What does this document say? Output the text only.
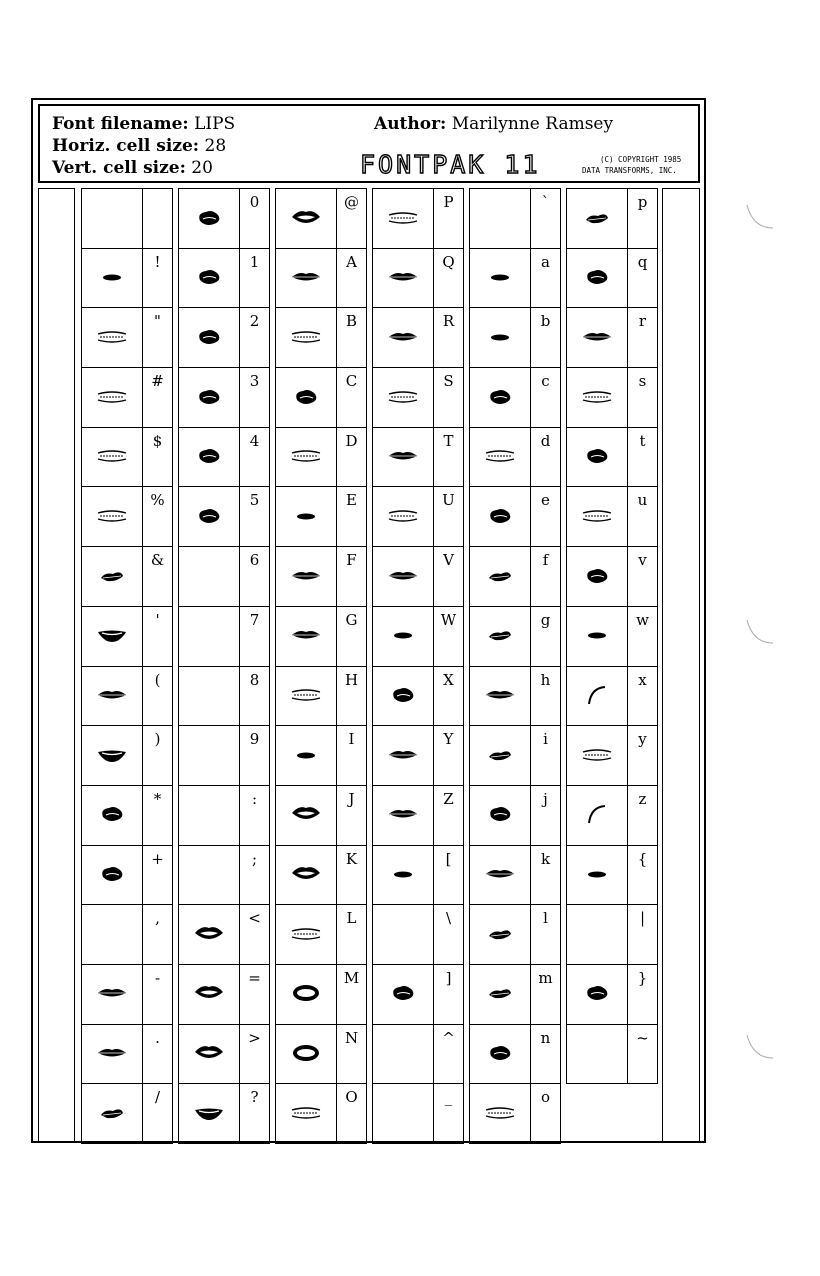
Font filename: LIPS	Author: Marilynne Ramsey
Horiz. cell size: 28
Vert. cell size: 20	FONTPAK 11	(C) COPYRIGHT 1985
DATA TRANSFORMS, INC.

	!

	"

	#

	$

	%

	&

	'

	(

	)

	*

	+
	,

	-

	.

	/
	0

	1

	2

	3

	4

	5
	6
	7
	8
	9
	:
	;

	<

	=

	>

	?
	@

	A

	B

	C

	D

	E

	F

	G

	H

	I

	J

	K

	L

	M

	N

	O
	P

	Q

	R

	S

	T

	U

	V

	W

	X

	Y

	Z

	[
	\

	]
	^
	_
	`

	a

	b

	c

	d

	e

	f

	g

	h

	i

	j

	k

	l

	m

	n

	o
	p

	q

	r

	s

	t

	u

	v

	w

	x

	y

	z

	{
	|

	}
	~
